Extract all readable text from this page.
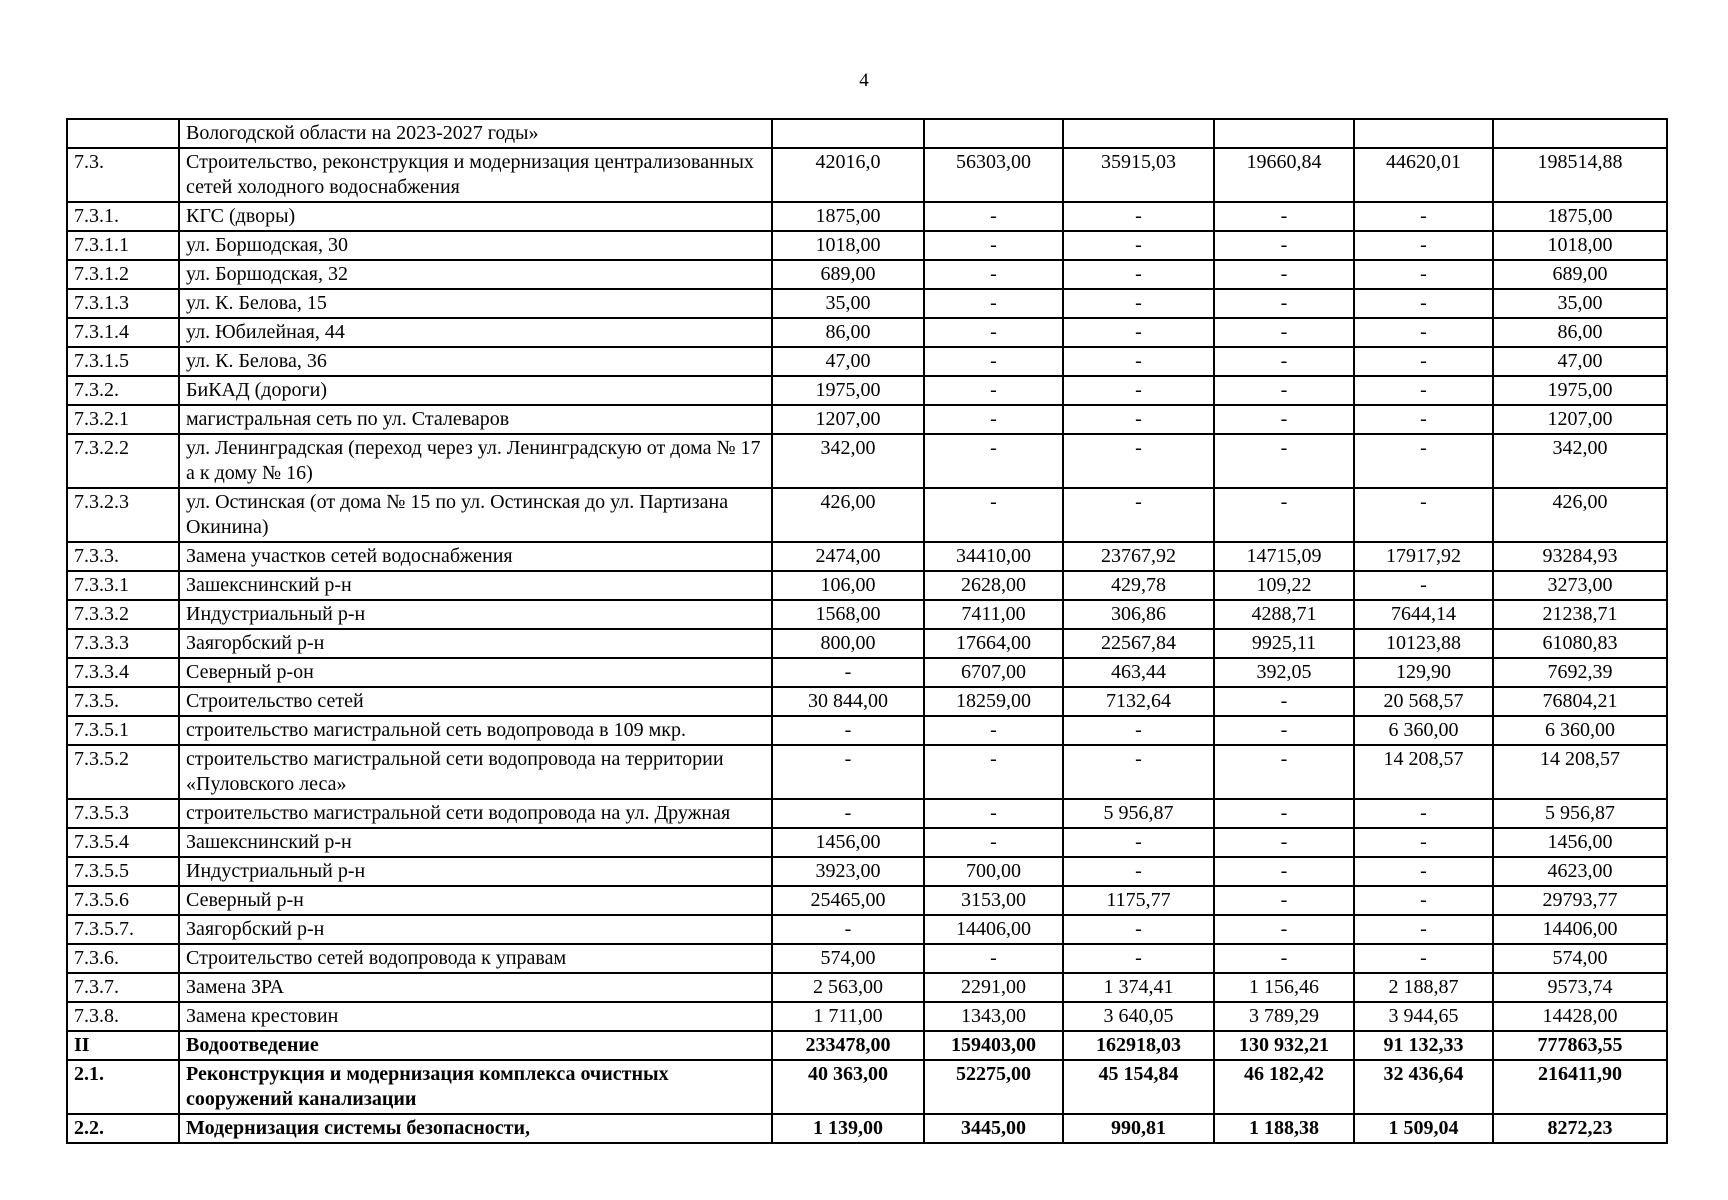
4
	Вологодской области на 2023-2027 годы»						
7.3.	Строительство, реконструкция и модернизация централизованных сетей холодного водоснабжения	42016,0	56303,00	35915,03	19660,84	44620,01	198514,88
7.3.1.	КГС (дворы)	1875,00	-	-	-	-	1875,00
7.3.1.1	ул. Боршодская, 30	1018,00	-	-	-	-	1018,00
7.3.1.2	ул. Боршодская, 32	689,00	-	-	-	-	689,00
7.3.1.3	ул. К. Белова, 15	35,00	-	-	-	-	35,00
7.3.1.4	ул. Юбилейная, 44	86,00	-	-	-	-	86,00
7.3.1.5	ул. К. Белова, 36	47,00	-	-	-	-	47,00
7.3.2.	БиКАД (дороги)	1975,00	-	-	-	-	1975,00
7.3.2.1	магистральная сеть по ул. Сталеваров	1207,00	-	-	-	-	1207,00
7.3.2.2	ул. Ленинградская (переход через ул. Ленинградскую от дома № 17 а к дому № 16)	342,00	-	-	-	-	342,00
7.3.2.3	ул. Остинская (от дома № 15 по ул. Остинская до ул. Партизана Окинина)	426,00	-	-	-	-	426,00
7.3.3.	Замена участков сетей водоснабжения	2474,00	34410,00	23767,92	14715,09	17917,92	93284,93
7.3.3.1	Зашекснинский р-н	106,00	2628,00	429,78	109,22	-	3273,00
7.3.3.2	Индустриальный р-н	1568,00	7411,00	306,86	4288,71	7644,14	21238,71
7.3.3.3	Заягорбский р-н	800,00	17664,00	22567,84	9925,11	10123,88	61080,83
7.3.3.4	Северный р-он	-	6707,00	463,44	392,05	129,90	7692,39
7.3.5.	Строительство сетей	30 844,00	18259,00	7132,64	-	20 568,57	76804,21
7.3.5.1	строительство магистральной сеть водопровода в 109 мкр.	-	-	-	-	6 360,00	6 360,00
7.3.5.2	строительство магистральной сети водопровода на территории «Пуловского леса»	-	-	-	-	14 208,57	14 208,57
7.3.5.3	строительство магистральной сети водопровода на ул. Дружная	-	-	5 956,87	-	-	5 956,87
7.3.5.4	Зашекснинский р-н	1456,00	-	-	-	-	1456,00
7.3.5.5	Индустриальный р-н	3923,00	700,00	-	-	-	4623,00
7.3.5.6	Северный р-н	25465,00	3153,00	1175,77	-	-	29793,77
7.3.5.7.	Заягорбский р-н	-	14406,00	-	-	-	14406,00
7.3.6.	Строительство сетей водопровода к управам	574,00	-	-	-	-	574,00
7.3.7.	Замена ЗРА	2 563,00	2291,00	1 374,41	1 156,46	2 188,87	9573,74
7.3.8.	Замена крестовин	1 711,00	1343,00	3 640,05	3 789,29	3 944,65	14428,00
II	Водоотведение	233478,00	159403,00	162918,03	130 932,21	91 132,33	777863,55
2.1.	Реконструкция и модернизация комплекса очистных сооружений канализации	40 363,00	52275,00	45 154,84	46 182,42	32 436,64	216411,90
2.2.	Модернизация системы безопасности,	1 139,00	3445,00	990,81	1 188,38	1 509,04	8272,23
